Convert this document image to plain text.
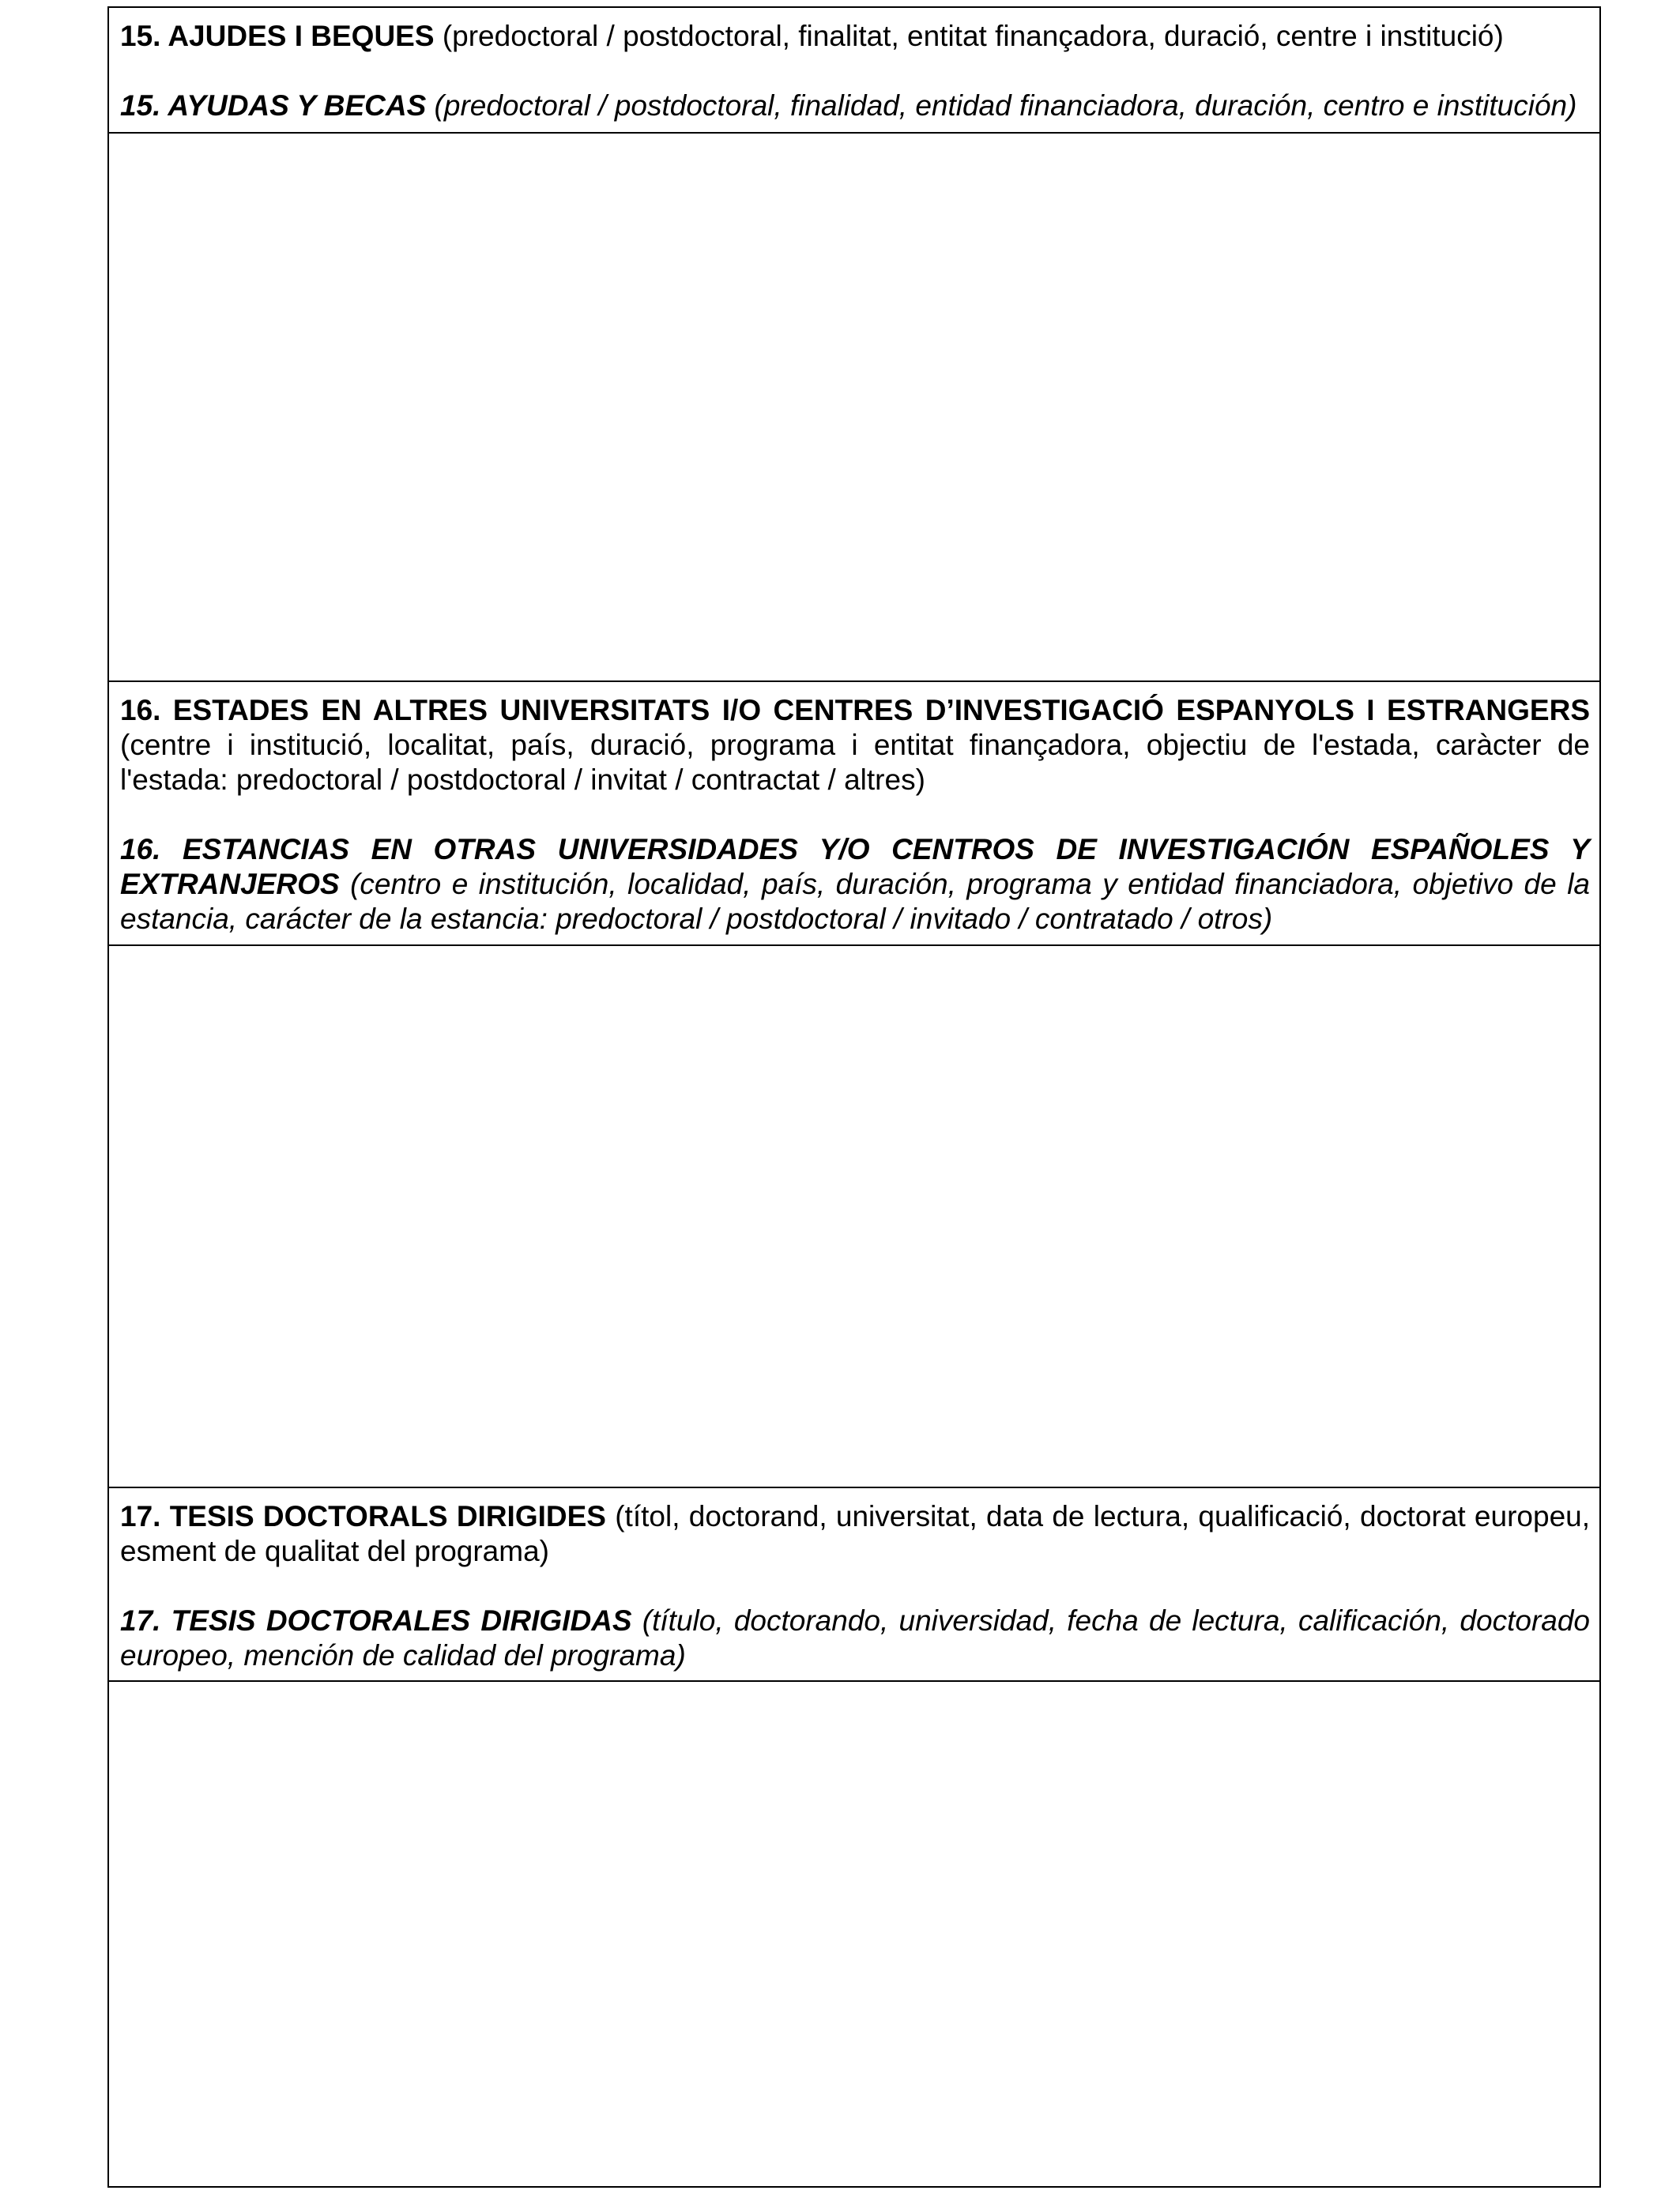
15. AJUDES I BEQUES (predoctoral / postdoctoral, finalitat, entitat finançadora, duració, centre i institució)

15. AYUDAS Y BECAS (predoctoral / postdoctoral, finalidad, entidad financiadora, duración, centro e institución)

16. ESTADES EN ALTRES UNIVERSITATS I/O CENTRES D’INVESTIGACIÓ ESPANYOLS I ESTRANGERS (centre i institució, localitat, país, duració, programa i entitat finançadora, objectiu de l'estada, caràcter de l'estada: predoctoral / postdoctoral / invitat / contractat / altres)

16. ESTANCIAS EN OTRAS UNIVERSIDADES Y/O CENTROS DE INVESTIGACIÓN ESPAÑOLES Y EXTRANJEROS (centro e institución, localidad, país, duración, programa y entidad financiadora, objetivo de la estancia, carácter de la estancia: predoctoral / postdoctoral / invitado / contratado / otros)

17. TESIS DOCTORALS DIRIGIDES (títol, doctorand, universitat, data de lectura, qualificació, doctorat europeu, esment de qualitat del programa)

17. TESIS DOCTORALES DIRIGIDAS (título, doctorando, universidad, fecha de lectura, calificación, doctorado europeo, mención de calidad del programa)
